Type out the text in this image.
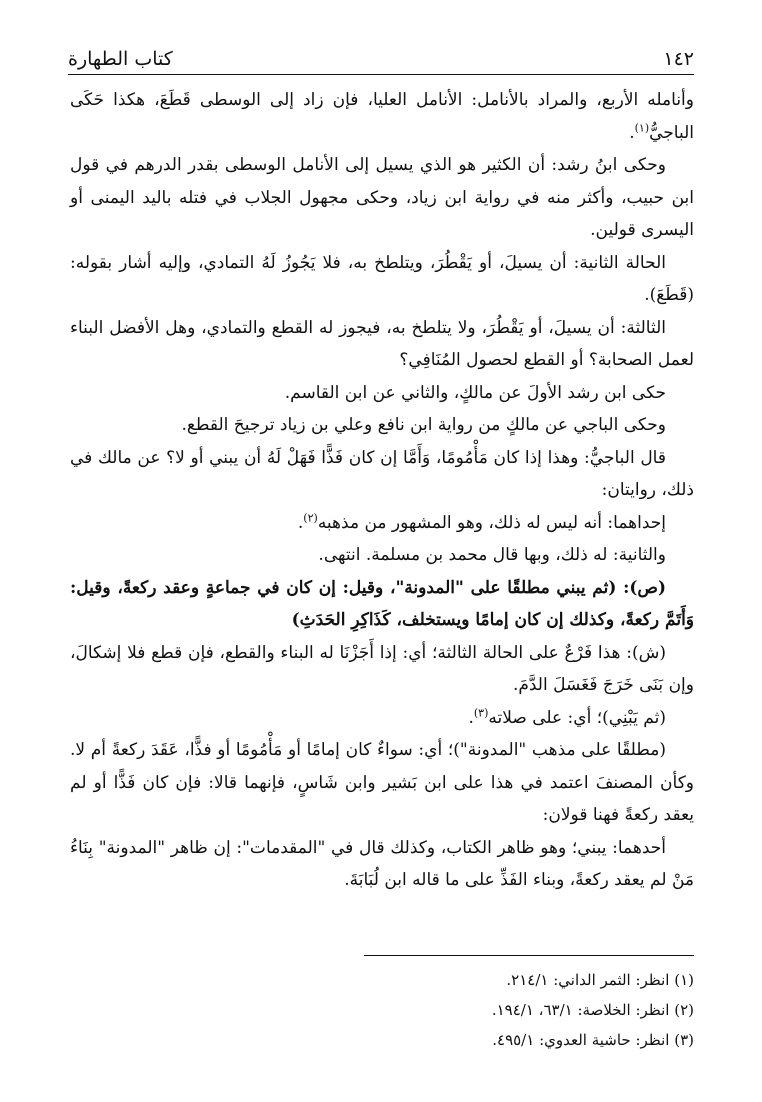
١٤٢
كتاب الطهارة

وأنامله الأربع، والمراد بالأنامل: الأنامل العليا، فإن زاد إلى الوسطى قَطَعَ، هكذا حَكَى الباجيُّ$^{(١)}$.

وحكى ابنُ رشد: أن الكثير هو الذي يسيل إلى الأنامل الوسطى بقدر الدرهم في قول ابن حبيب، وأكثر منه في رواية ابن زياد، وحكى مجهول الجلاب في فتله باليد اليمنى أو اليسرى قولين.

الحالة الثانية: أن يسيلَ، أو يَقْطُرَ، ويتلطخ به، فلا يَجُوزُ لَهُ التمادي، وإليه أشار بقوله: (قَطَعَ).

الثالثة: أن يسيلَ، أو يَقْطُرَ، ولا يتلطخ به، فيجوز له القطع والتمادي، وهل الأفضل البناء لعمل الصحابة؟ أو القطع لحصول المُنَافِي؟

حكى ابن رشد الأولَ عن مالكٍ، والثاني عن ابن القاسم.

وحكى الباجي عن مالكٍ من رواية ابن نافع وعلي بن زياد ترجيحَ القطع.

قال الباجيُّ: وهذا إذا كان مَأْمُومًا، وَأَمَّا إن كان فَذًّا فَهَلْ لَهُ أن يبني أو لا؟ عن مالك في ذلك، روايتان:

إحداهما: أنه ليس له ذلك، وهو المشهور من مذهبه$^{(٢)}$.

والثانية: له ذلك، وبها قال محمد بن مسلمة. انتهى.

(ص): (ثم يبني مطلقًا على "المدونة"، وقيل: إن كان في جماعةٍ وعقد ركعةً، وقيل: وَأَتَمَّ ركعةً، وكذلك إن كان إمامًا ويستخلف، كَذَاكِرِ الحَدَثِ)

(ش): هذا فَرْعٌ على الحالة الثالثة؛ أي: إذا أَجَزْنَا له البناء والقطع، فإن قطع فلا إشكالَ، وإن بَنَى خَرَجَ فَغَسَلَ الدَّمَ.

(ثم يَبْنِي)؛ أي: على صلاته$^{(٣)}$.

(مطلقًا على مذهب "المدونة")؛ أي: سواءٌ كان إمامًا أو مَأْمُومًا أو فذًّا، عَقَدَ ركعةً أم لا. وكأن المصنفَ اعتمد في هذا على ابن بَشير وابن شَاسٍ، فإنهما قالا: فإن كان فَذًّا أو لم يعقد ركعةً فهنا قولان:

أحدهما: يبني؛ وهو ظاهر الكتاب، وكذلك قال في "المقدمات": إن ظاهر "المدونة" بِنَاءُ مَنْ لم يعقد ركعةً، وبناء الفَذِّ على ما قاله ابن لُبَابَةَ.

(١) انظر: الثمر الداني: ٢١٤/١.
(٢) انظر: الخلاصة: ٦٣/١، ١٩٤/١.
(٣) انظر: حاشية العدوي: ٤٩٥/١.
